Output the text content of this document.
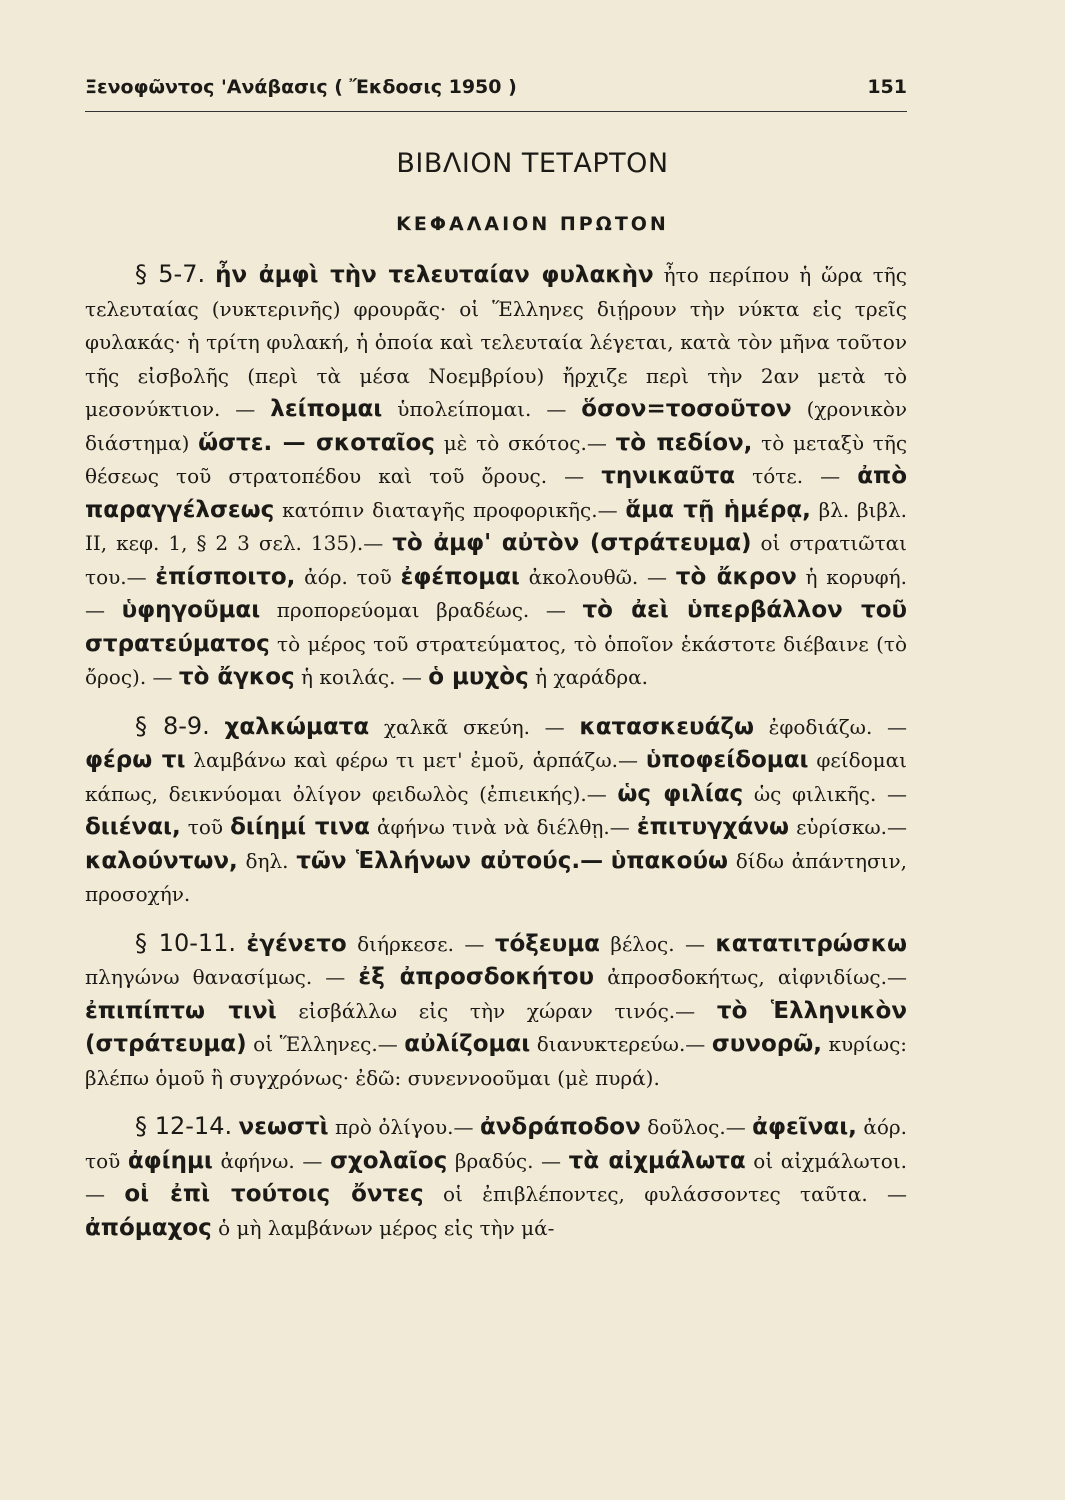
Ξενοφῶντος 'Ανάβασις ( Ἔκδοσις 1950 )	151
ΒΙΒΛΙΟΝ ΤΕΤΑΡΤΟΝ
ΚΕΦΑΛΑΙΟΝ ΠΡΩΤΟΝ

§ 5-7. ἦν ἀμφὶ τὴν τελευταίαν φυλακὴν ἦτο περίπου ἡ ὥρα τῆς τελευταίας (νυκτερινῆς) φρουρᾶς· οἱ Ἕλληνες διῄρουν τὴν νύκτα εἰς τρεῖς φυλακάς· ἡ τρίτη φυλακή, ἡ ὁποία καὶ τελευταία λέγεται, κατὰ τὸν μῆνα τοῦτον τῆς εἰσβολῆς (περὶ τὰ μέσα Νοεμβρίου) ἤρχιζε περὶ τὴν 2αν μετὰ τὸ μεσονύκτιον. — λείπομαι ὑπολείπομαι. — ὅσον=τοσοῦτον (χρονικὸν διάστημα) ὥστε. — σκοταῖος μὲ τὸ σκότος.— τὸ πεδίον, τὸ μεταξὺ τῆς θέσεως τοῦ στρατοπέδου καὶ τοῦ ὄρους. — τηνικαῦτα τότε. — ἀπὸ παραγγέλσεως κατόπιν διαταγῆς προφορικῆς.— ἅμα τῇ ἡμέρᾳ, βλ. βιβλ. II, κεφ. 1, § 2 3 σελ. 135).— τὸ ἀμφ' αὐτὸν (στράτευμα) οἱ στρατιῶται του.— ἐπίσποιτο, ἀόρ. τοῦ ἐφέπομαι ἀκολουθῶ. — τὸ ἄκρον ἡ κορυφή. — ὑφηγοῦμαι προπορεύομαι βραδέως. — τὸ ἀεὶ ὑπερβάλλον τοῦ στρατεύματος τὸ μέρος τοῦ στρατεύματος, τὸ ὁποῖον ἑκάστοτε διέβαινε (τὸ ὄρος). — τὸ ἄγκος ἡ κοιλάς. — ὁ μυχὸς ἡ χαράδρα.

§ 8-9. χαλκώματα χαλκᾶ σκεύη. — κατασκευάζω ἐφοδιάζω. — φέρω τι λαμβάνω καὶ φέρω τι μετ' ἐμοῦ, ἁρπάζω.— ὑποφείδομαι φείδομαι κάπως, δεικνύομαι ὀλίγον φειδωλὸς (ἐπιεικής).— ὡς φιλίας ὡς φιλικῆς. — διιέναι, τοῦ διίημί τινα ἀφήνω τινὰ νὰ διέλθῃ.— ἐπιτυγχάνω εὑρίσκω.— καλούντων, δηλ. τῶν Ἑλλήνων αὐτούς.— ὑπακούω δίδω ἀπάντησιν, προσοχήν.

§ 10-11. ἐγένετο διήρκεσε. — τόξευμα βέλος. — κατατιτρώσκω πληγώνω θανασίμως. — ἐξ ἀπροσδοκήτου ἀπροσδοκήτως, αἰφνιδίως.— ἐπιπίπτω τινὶ εἰσβάλλω εἰς τὴν χώραν τινός.— τὸ Ἑλληνικὸν (στράτευμα) οἱ Ἕλληνες.— αὐλίζομαι διανυκτερεύω.— συνορῶ, κυρίως: βλέπω ὁμοῦ ἢ συγχρόνως· ἐδῶ: συνεννοοῦμαι (μὲ πυρά).

§ 12-14. νεωστὶ πρὸ ὀλίγου.— ἀνδράποδον δοῦλος.— ἀφεῖναι, ἀόρ. τοῦ ἀφίημι ἀφήνω. — σχολαῖος βραδύς. — τὰ αἰχμάλωτα οἱ αἰχμάλωτοι.— οἱ ἐπὶ τούτοις ὄντες οἱ ἐπιβλέποντες, φυλάσσοντες ταῦτα. — ἀπόμαχος ὁ μὴ λαμβάνων μέρος εἰς τὴν μά-
